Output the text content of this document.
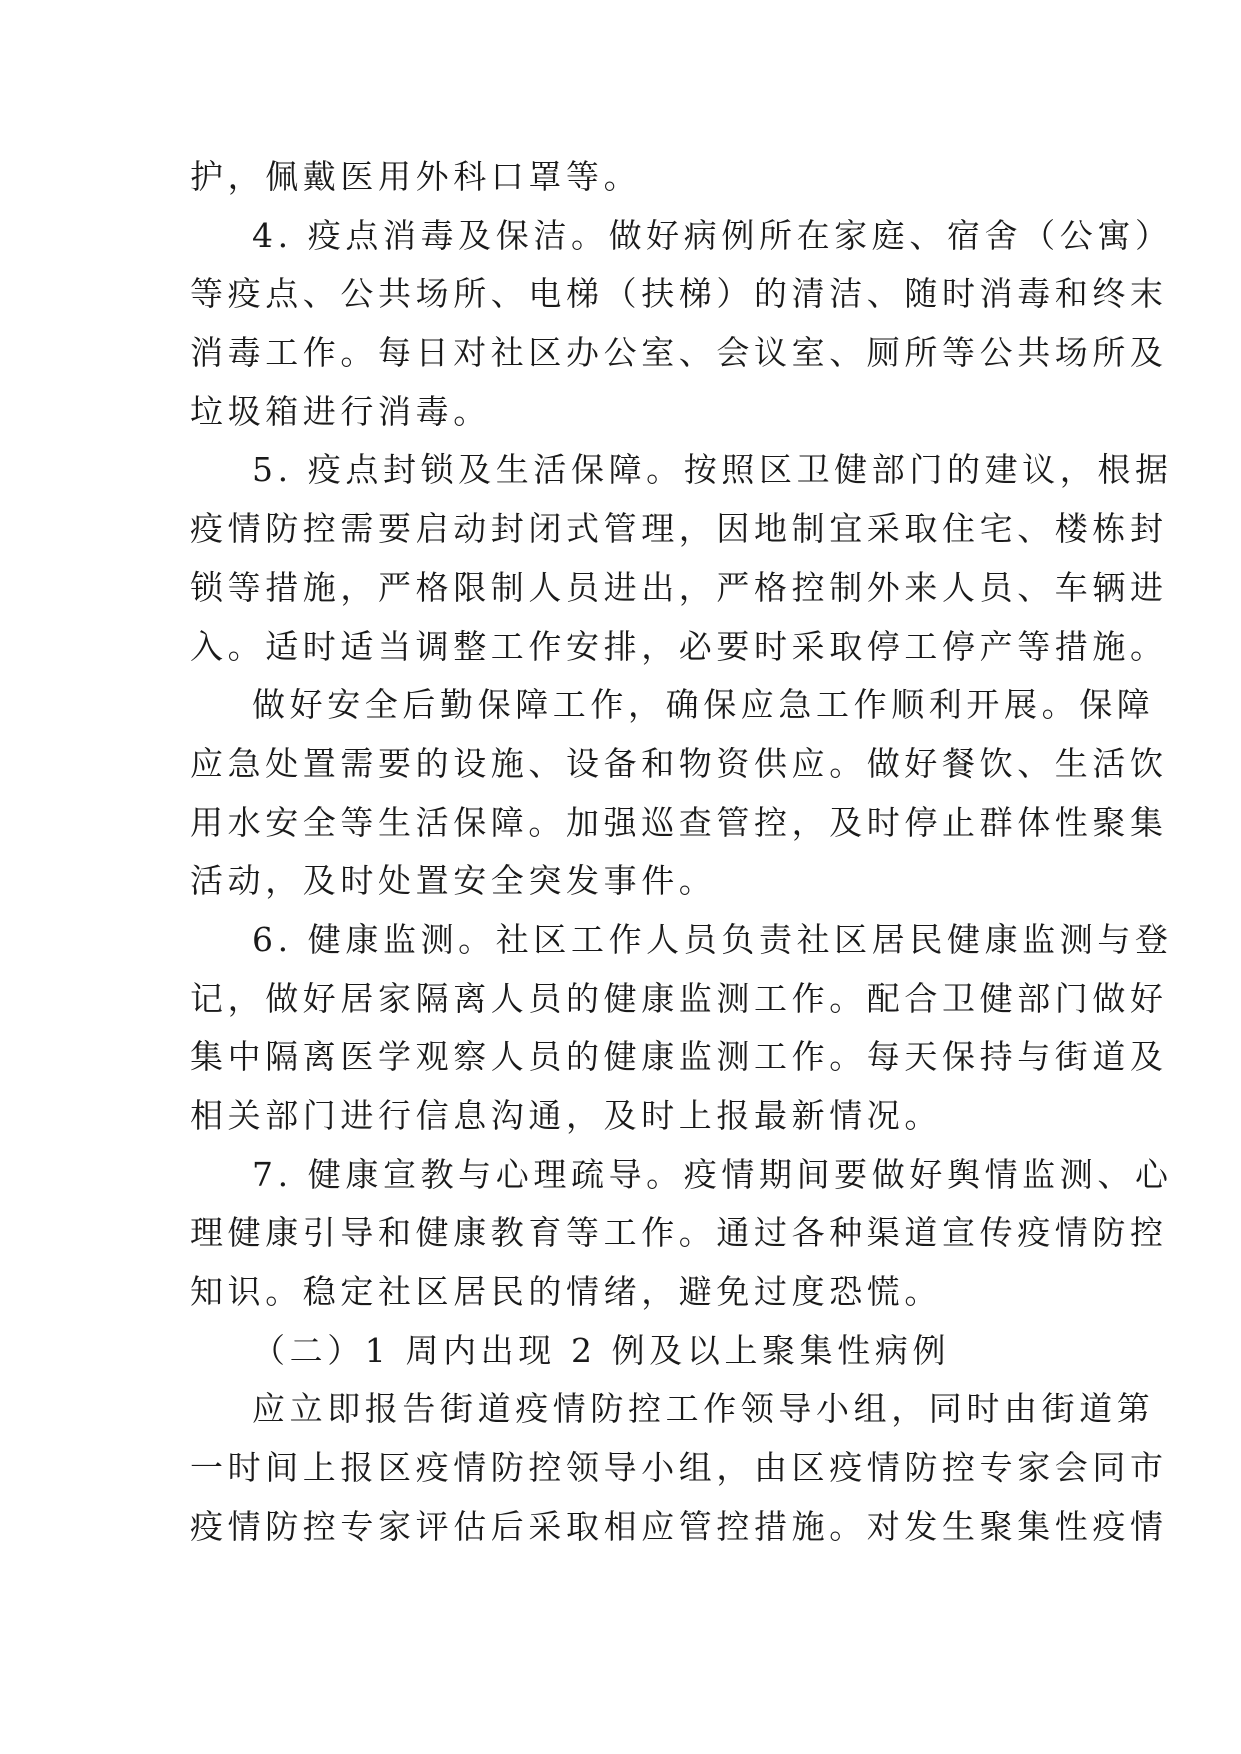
护，佩戴医用外科口罩等。
4. 疫点消毒及保洁。做好病例所在家庭、宿舍（公寓）
等疫点、公共场所、电梯（扶梯）的清洁、随时消毒和终末
消毒工作。每日对社区办公室、会议室、厕所等公共场所及
垃圾箱进行消毒。
5. 疫点封锁及生活保障。按照区卫健部门的建议，根据
疫情防控需要启动封闭式管理，因地制宜采取住宅、楼栋封
锁等措施，严格限制人员进出，严格控制外来人员、车辆进
入。适时适当调整工作安排，必要时采取停工停产等措施。
做好安全后勤保障工作，确保应急工作顺利开展。保障
应急处置需要的设施、设备和物资供应。做好餐饮、生活饮
用水安全等生活保障。加强巡查管控，及时停止群体性聚集
活动，及时处置安全突发事件。
6. 健康监测。社区工作人员负责社区居民健康监测与登
记，做好居家隔离人员的健康监测工作。配合卫健部门做好
集中隔离医学观察人员的健康监测工作。每天保持与街道及
相关部门进行信息沟通，及时上报最新情况。
7. 健康宣教与心理疏导。疫情期间要做好舆情监测、心
理健康引导和健康教育等工作。通过各种渠道宣传疫情防控
知识。稳定社区居民的情绪，避免过度恐慌。
（二）1 周内出现 2 例及以上聚集性病例
应立即报告街道疫情防控工作领导小组，同时由街道第
一时间上报区疫情防控领导小组，由区疫情防控专家会同市
疫情防控专家评估后采取相应管控措施。对发生聚集性疫情
